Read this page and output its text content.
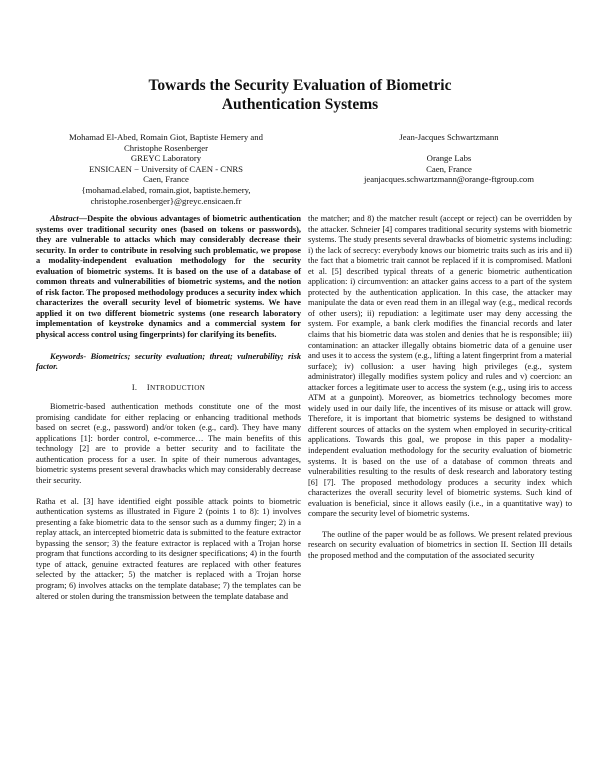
Towards the Security Evaluation of Biometric
Authentication Systems
Mohamad El-Abed, Romain Giot, Baptiste Hemery and
Christophe Rosenberger
GREYC Laboratory
ENSICAEN − University of CAEN - CNRS
Caen, France
{mohamad.elabed, romain.giot, baptiste.hemery,
christophe.rosenberger}@greyc.ensicaen.fr
Jean-Jacques Schwartzmann
Orange Labs
Caen, France
jeanjacques.schwartzmann@orange-ftgroup.com

Abstract—Despite the obvious advantages of biometric authentication systems over traditional security ones (based on tokens or passwords), they are vulnerable to attacks which may considerably decrease their security. In order to contribute in resolving such problematic, we propose a modality-independent evaluation methodology for the security evaluation of biometric systems. It is based on the use of a database of common threats and vulnerabilities of biometric systems, and the notion of risk factor. The proposed methodology produces a security index which characterizes the overall security level of biometric systems. We have applied it on two different biometric systems (one research laboratory implementation of keystroke dynamics and a commercial system for physical access control using fingerprints) for clarifying its benefits.

Keywords- Biometrics; security evaluation; threat; vulnerability; risk factor.

I. INTRODUCTION

Biometric-based authentication methods constitute one of the most promising candidate for either replacing or enhancing traditional methods based on secret (e.g., password) and/or token (e.g., card). They have many applications [1]: border control, e-commerce… The main benefits of this technology [2] are to provide a better security and to facilitate the authentication process for a user. In spite of their numerous advantages, biometric systems present several drawbacks which may considerably decrease their security.

Ratha et al. [3] have identified eight possible attack points to biometric authentication systems as illustrated in Figure 2 (points 1 to 8): 1) involves presenting a fake biometric data to the sensor such as a dummy finger; 2) in a replay attack, an intercepted biometric data is submitted to the feature extractor bypassing the sensor; 3) the feature extractor is replaced with a Trojan horse program that functions according to its designer specifications; 4) in the fourth type of attack, genuine extracted features are replaced with other features selected by the attacker; 5) the matcher is replaced with a Trojan horse program; 6) involves attacks on the template database; 7) the templates can be altered or stolen during the transmission between the template database and

the matcher; and 8) the matcher result (accept or reject) can be overridden by the attacker. Schneier [4] compares traditional security systems with biometric systems. The study presents several drawbacks of biometric systems including: i) the lack of secrecy: everybody knows our biometric traits such as iris and ii) the fact that a biometric trait cannot be replaced if it is compromised. Matloni et al. [5] described typical threats of a generic biometric authentication application: i) circumvention: an attacker gains access to a part of the system protected by the authentication application. In this case, the attacker may manipulate the data or even read them in an illegal way (e.g., medical records of other users); ii) repudiation: a legitimate user may deny accessing the system. For example, a bank clerk modifies the financial records and later claims that his biometric data was stolen and denies that he is responsible; iii) contamination: an attacker illegally obtains biometric data of a genuine user and uses it to access the system (e.g., lifting a latent fingerprint from a material surface); iv) collusion: a user having high privileges (e.g., system administrator) illegally modifies system policy and rules and v) coercion: an attacker forces a legitimate user to access the system (e.g., using iris to access ATM at a gunpoint). Moreover, as biometrics technology becomes more widely used in our daily life, the incentives of its misuse or attack will grow. Therefore, it is important that biometric systems be designed to withstand different sources of attacks on the system when employed in security-critical applications. Towards this goal, we propose in this paper a modality-independent evaluation methodology for the security evaluation of biometric systems. It is based on the use of a database of common threats and vulnerabilities resulting to the results of desk research and laboratory testing [6] [7]. The proposed methodology produces a security index which characterizes the overall security level of biometric systems. Such kind of evaluation is beneficial, since it allows easily (i.e., in a quantitative way) to compare the security level of biometric systems.

The outline of the paper would be as follows. We present related previous research on security evaluation of biometrics in section II. Section III details the proposed method and the computation of the associated security
